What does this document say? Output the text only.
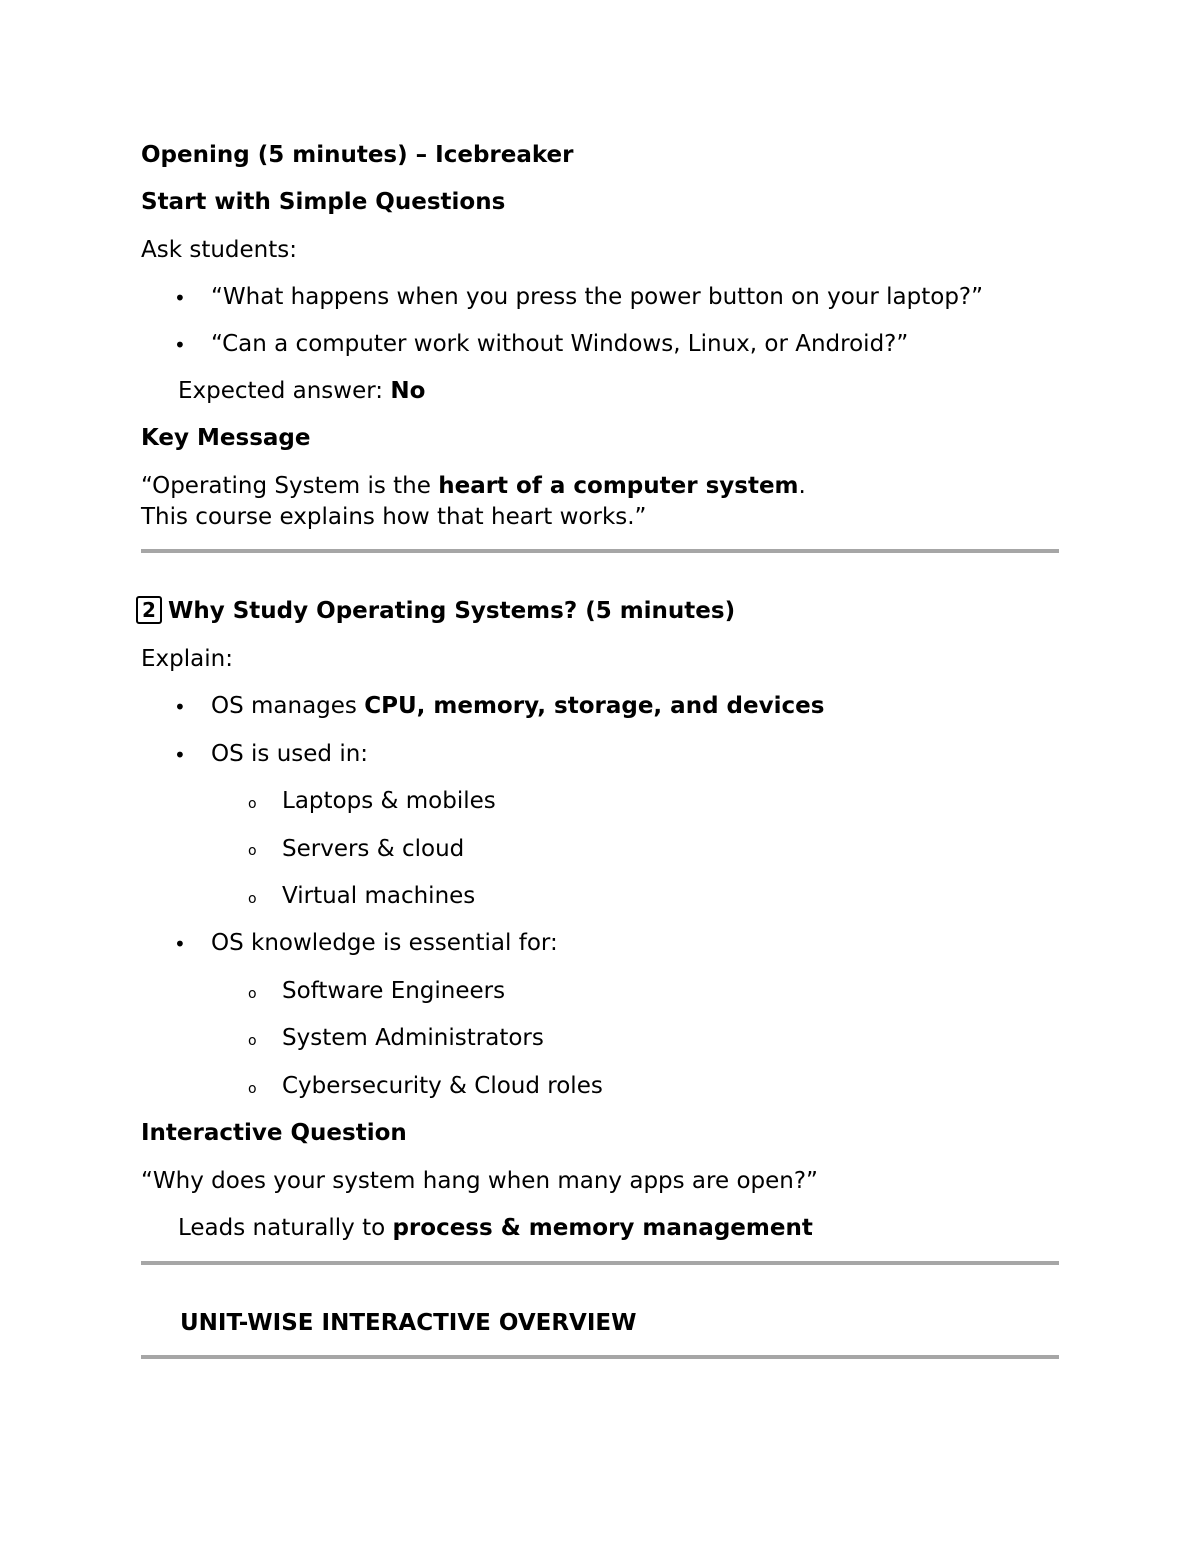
Opening (5 minutes) – Icebreaker
Start with Simple Questions
Ask students:
• “What happens when you press the power button on your laptop?”
• “Can a computer work without Windows, Linux, or Android?”
Expected answer: No
Key Message
“Operating System is the heart of a computer system.
This course explains how that heart works.”
2 Why Study Operating Systems? (5 minutes)
Explain:
• OS manages CPU, memory, storage, and devices
• OS is used in:
o Laptops & mobiles
o Servers & cloud
o Virtual machines
• OS knowledge is essential for:
o Software Engineers
o System Administrators
o Cybersecurity & Cloud roles
Interactive Question
“Why does your system hang when many apps are open?”
Leads naturally to process & memory management
UNIT-WISE INTERACTIVE OVERVIEW
